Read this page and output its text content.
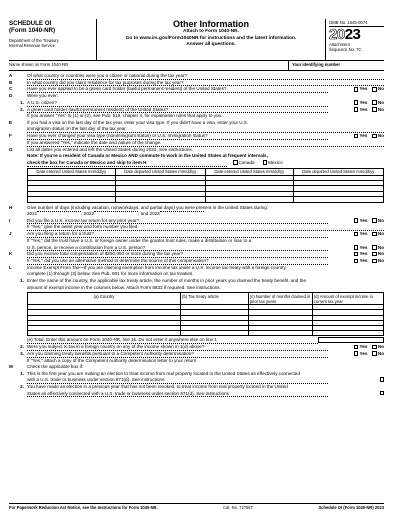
SCHEDULE OI
(Form 1040-NR)
Department of the Treasury
Internal Revenue Service
Other Information
Attach to Form 1040-NR.
Go to www.irs.gov/Form1040NR for instructions and the latest information.
Answer all questions.
OMB No. 1545-0074
2023
Attachment
Sequence No. 7C
Name shown on Form 1040-NR	Your identifying number
A	Of what country or countries were you a citizen or national during the tax year?
B	In what country did you claim residence for tax purposes during the tax year?
C	Have you ever applied to be a green card holder (lawful permanent resident) of the United States?	Yes No
D	Were you ever:
1. A U.S. citizen?	Yes No
2. A green card holder (lawful permanent resident) of the United States?	Yes No
If you answer "Yes" to (1) or (2), see Pub. 519, chapter 4, for expatriation rules that apply to you.
E	If you had a visa on the last day of the tax year, enter your visa type. If you didn't have a visa, enter your U.S.
immigration status on the last day of the tax year.
F	Have you ever changed your visa type (nonimmigrant status) or U.S. immigration status?	Yes No
If you answered "Yes," indicate the date and nature of the change.
G	List all dates you entered and left the United States during 2023. See instructions.
Note: If you're a resident of Canada or Mexico AND commute to work in the United States at frequent intervals,
check the box for Canada or Mexico and skip to item H	Canada	Mexico
Date entered United States mm/dd/yy	Date departed United States mm/dd/yy	Date entered United States mm/dd/yy	Date departed United States mm/dd/yy

H	Give number of days (including vacation, nonworkdays, and partial days) you were present in the United States during:
2021	, 2022	, and 2023
I	Did you file a U.S. income tax return for any prior year?	Yes No
If "Yes," give the latest year and form number you filed
J	Are you filing a return for a trust?	Yes No
If "Yes," did the trust have a U.S. or foreign owner under the grantor trust rules, make a distribution or loan to a
U.S. person, or receive a contribution from a U.S. person?	Yes No
K	Did you receive total compensation of $250,000 or more during the tax year?	Yes No
If "Yes," did you use an alternative method to determine the source of this compensation?	Yes No
L	Income Exempt From Tax—If you are claiming exemption from income tax under a U.S. income tax treaty with a foreign country,
complete (1) through (3) below. See Pub. 901 for more information on tax treaties.
1. Enter the name of the country, the applicable tax treaty article, the number of months in prior years you claimed the treaty benefit, and the
amount of exempt income in the columns below. Attach Form 8833 if required. See instructions.
(a) Country	(b) Tax treaty article	(c) Number of months claimed in prior tax years	(d) Amount of exempt income in current tax year

(e) Total. Enter this amount on Form 1040-NR, line 1k. Do not enter it anywhere else on line 1
2. Were you subject to tax in a foreign country on any of the income shown in 1(d) above?	Yes No
3. Are you claiming treaty benefits pursuant to a Competent Authority determination?	Yes No
If "Yes," attach a copy of the Competent Authority determination letter to your return.
M	Check the applicable box if:
1. This is the first year you are making an election to treat income from real property located in the United States as effectively connected
with a U.S. trade or business under section 871(d). See instructions
2. You have made an election in a previous year that has not been revoked, to treat income from real property located in the United
States as effectively connected with a U.S. trade or business under section 871(d). See instructions
For Paperwork Reduction Act Notice, see the Instructions for Form 1040-NR.	Cat. No. 72756T	Schedule OI (Form 1040-NR) 2023
